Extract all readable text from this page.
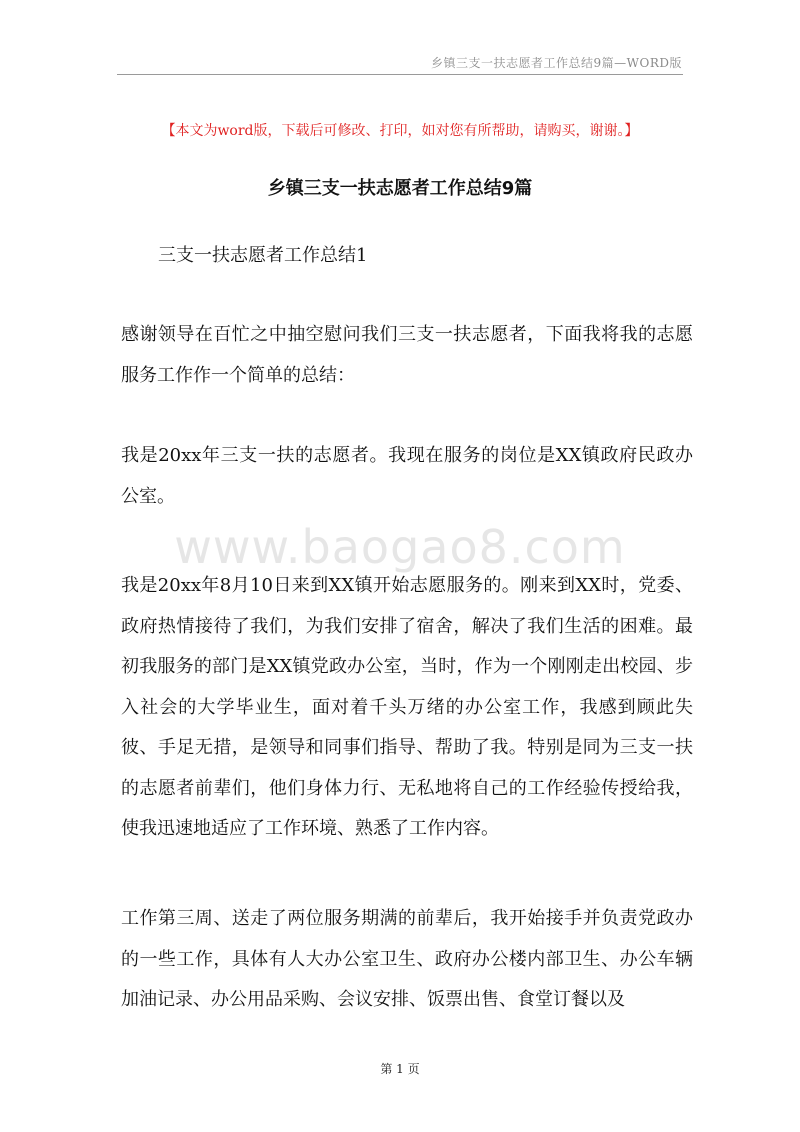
乡镇三支一扶志愿者工作总结9篇—WORD版
www.baogao8.com
【本文为word版，下载后可修改、打印，如对您有所帮助，请购买，谢谢。】
乡镇三支一扶志愿者工作总结9篇
三支一扶志愿者工作总结1

感谢领导在百忙之中抽空慰问我们三支一扶志愿者，下面我将我的志愿服务工作作一个简单的总结：

我是20xx年三支一扶的志愿者。我现在服务的岗位是XX镇政府民政办公室。

我是20xx年8月10日来到XX镇开始志愿服务的。刚来到XX时，党委、政府热情接待了我们，为我们安排了宿舍，解决了我们生活的困难。最初我服务的部门是XX镇党政办公室，当时，作为一个刚刚走出校园、步入社会的大学毕业生，面对着千头万绪的办公室工作，我感到顾此失彼、手足无措，是领导和同事们指导、帮助了我。特别是同为三支一扶的志愿者前辈们，他们身体力行、无私地将自己的工作经验传授给我，使我迅速地适应了工作环境、熟悉了工作内容。

工作第三周、送走了两位服务期满的前辈后，我开始接手并负责党政办的一些工作，具体有人大办公室卫生、政府办公楼内部卫生、办公车辆加油记录、办公用品采购、会议安排、饭票出售、食堂订餐以及

第 1 页
